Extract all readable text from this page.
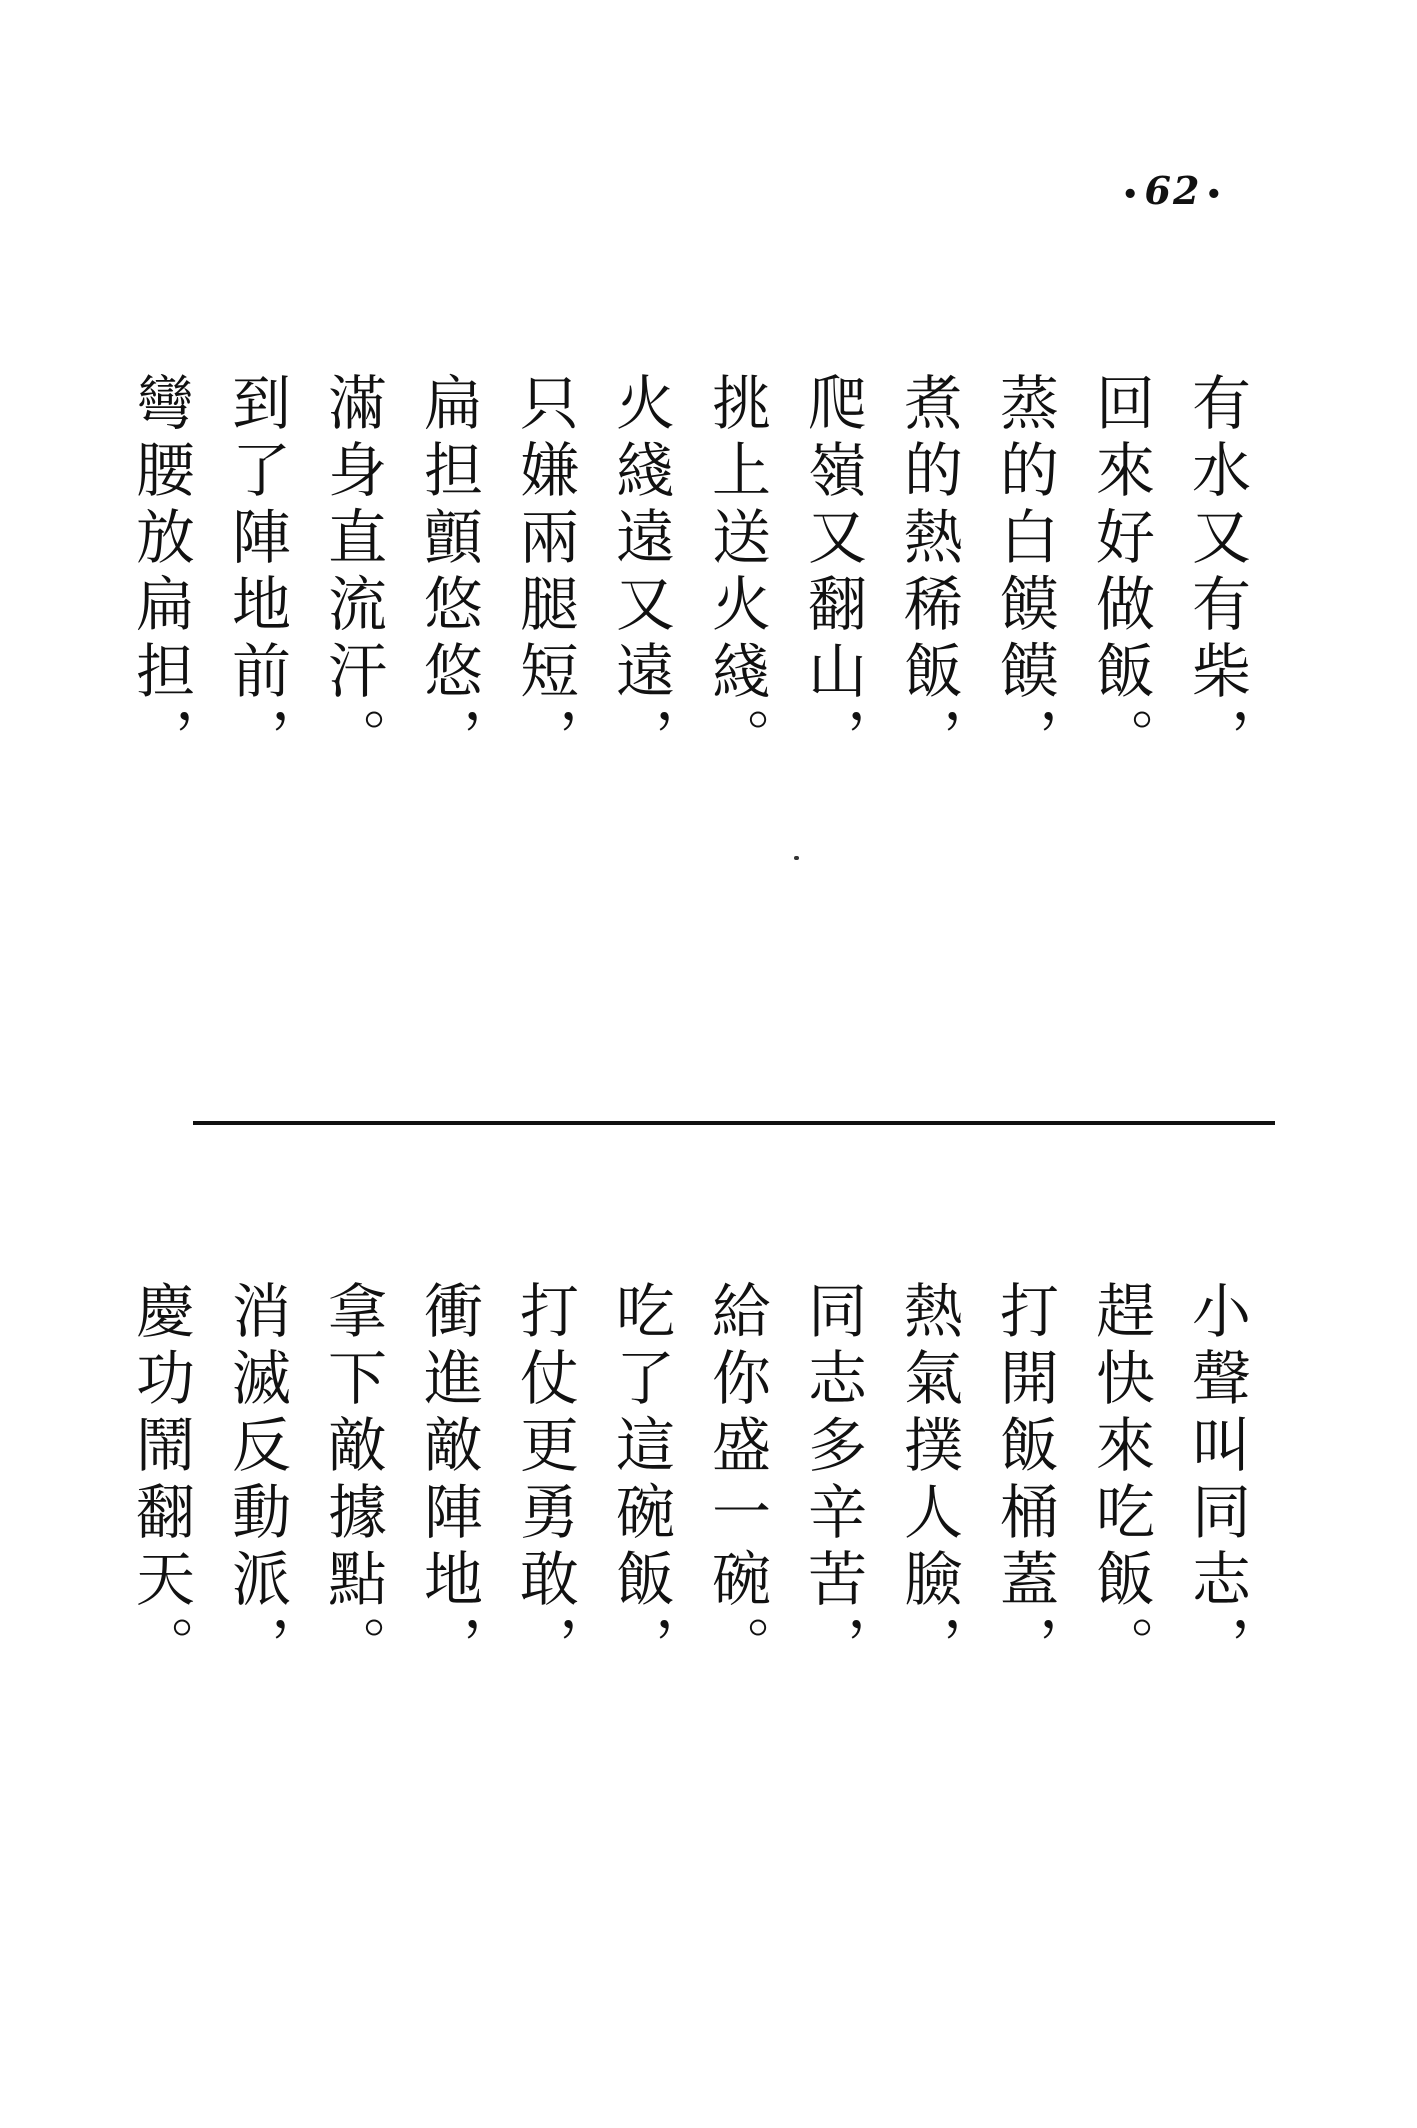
• 62 •
有水又有柴，
回來好做飯。
蒸的白饃饃，
煮的熱稀飯，
爬嶺又翻山，
挑上送火綫。
火綫遠又遠，
只嫌兩腿短，
扁担顫悠悠，
滿身直流汗。
到了陣地前，
彎腰放扁担，
小聲叫同志，
趕快來吃飯。
打開飯桶蓋，
熱氣撲人臉，
同志多辛苦，
給你盛一碗。
吃了這碗飯，
打仗更勇敢，
衝進敵陣地，
拿下敵據點。
消滅反動派，
慶功鬧翻天。
